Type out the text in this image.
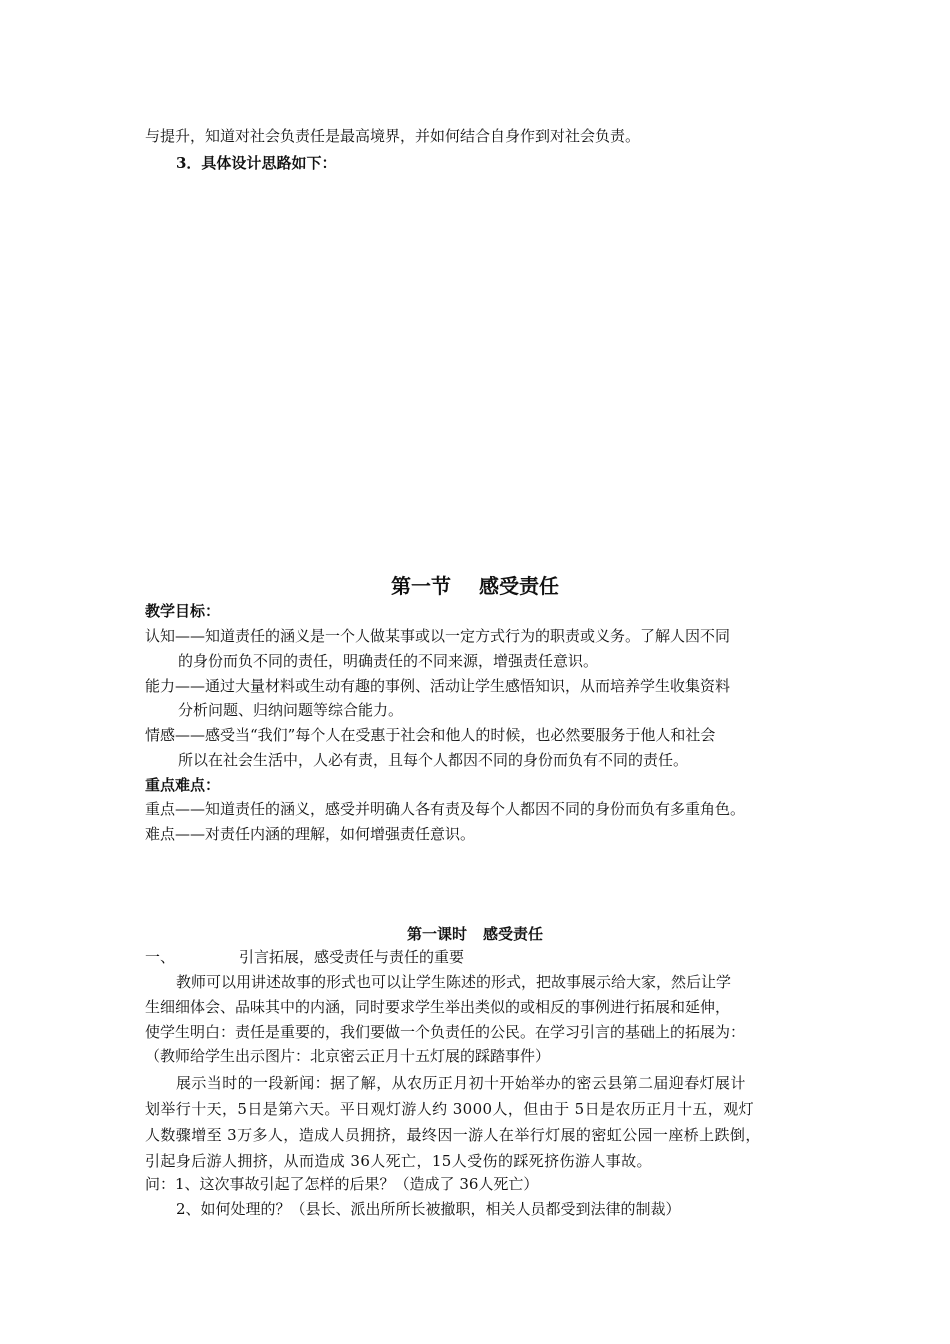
与提升，知道对社会负责任是最高境界，并如何结合自身作到对社会负责。
3．具体设计思路如下：
第一节 感受责任
教学目标：
认知——知道责任的涵义是一个人做某事或以一定方式行为的职责或义务。了解人因不同
的身份而负不同的责任，明确责任的不同来源，增强责任意识。
能力——通过大量材料或生动有趣的事例、活动让学生感悟知识，从而培养学生收集资料
分析问题、归纳问题等综合能力。
情感——感受当“我们”每个人在受惠于社会和他人的时候，也必然要服务于他人和社会
所以在社会生活中，人必有责，且每个人都因不同的身份而负有不同的责任。
重点难点：
重点——知道责任的涵义，感受并明确人各有责及每个人都因不同的身份而负有多重角色。
难点——对责任内涵的理解，如何增强责任意识。
第一课时 感受责任
一、	引言拓展，感受责任与责任的重要
教师可以用讲述故事的形式也可以让学生陈述的形式，把故事展示给大家，然后让学
生细细体会、品味其中的内涵，同时要求学生举出类似的或相反的事例进行拓展和延伸，
使学生明白：责任是重要的，我们要做一个负责任的公民。在学习引言的基础上的拓展为：
（教师给学生出示图片：北京密云正月十五灯展的踩踏事件）
展示当时的一段新闻：据了解，从农历正月初十开始举办的密云县第二届迎春灯展计
划举行十天，5日是第六天。平日观灯游人约 3000人，但由于 5日是农历正月十五，观灯
人数骤增至 3万多人，造成人员拥挤，最终因一游人在举行灯展的密虹公园一座桥上跌倒，
引起身后游人拥挤，从而造成 36人死亡，15人受伤的踩死挤伤游人事故。
问：1、这次事故引起了怎样的后果？（造成了 36人死亡）
2、如何处理的？（县长、派出所所长被撤职，相关人员都受到法律的制裁）
